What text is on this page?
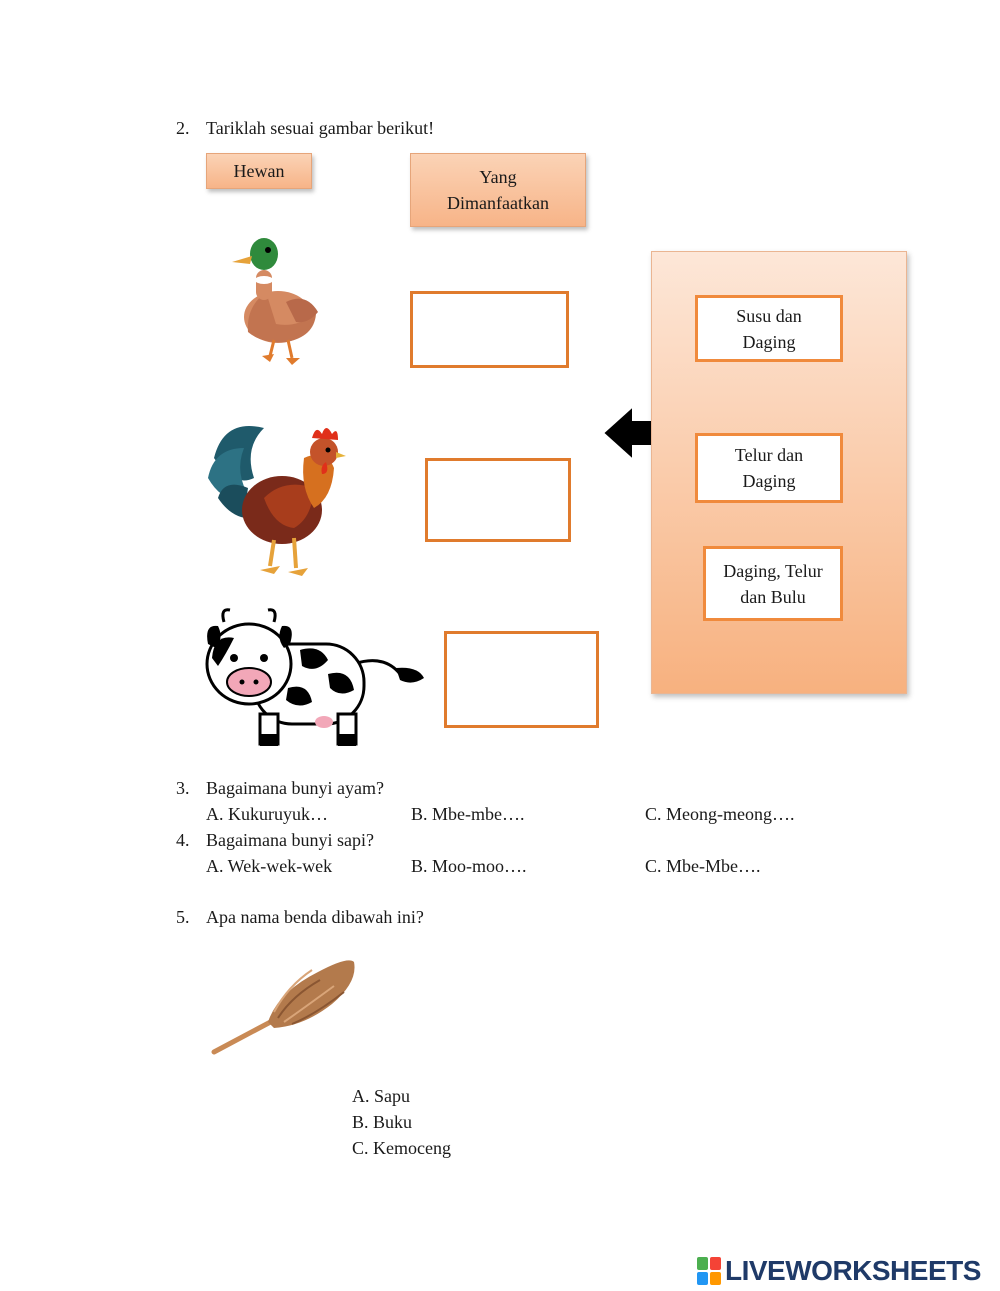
2. Tariklah sesuai gambar berikut!
Hewan	Yang
Dimanfaatkan
Susu dan
Daging
Telur dan
Daging
Daging, Telur
dan Bulu
3. Bagaimana bunyi ayam?
A. Kukuruyuk…	B. Mbe-mbe….	C. Meong-meong….
4. Bagaimana bunyi sapi?
A. Wek-wek-wek	B. Moo-moo….	C. Mbe-Mbe….
5. Apa nama benda dibawah ini?
A. Sapu
B. Buku
C. Kemoceng
LIVEWORKSHEETS
